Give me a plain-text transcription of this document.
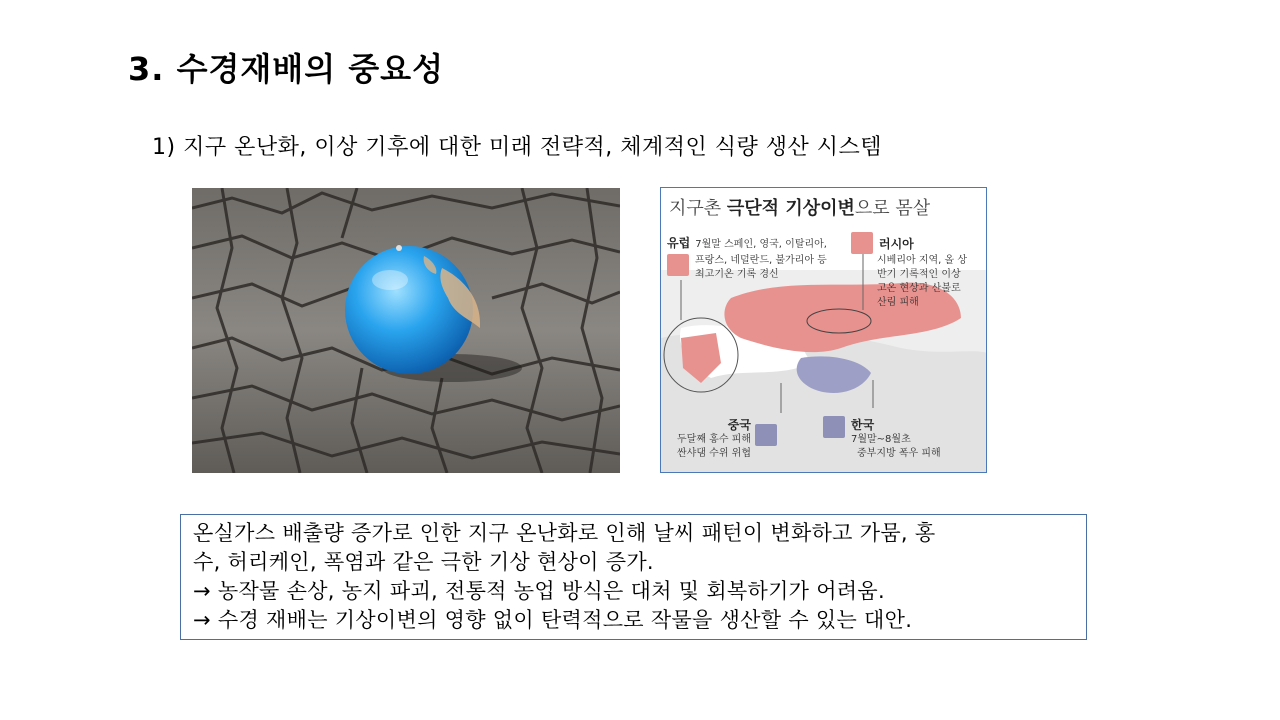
3. 수경재배의 중요성
1) 지구 온난화, 이상 기후에 대한 미래 전략적, 체계적인 식량 생산 시스템
지구촌 극단적 기상이변으로 몸살
유럽 7월말 스페인, 영국, 이탈리아,
프랑스, 네덜란드, 불가리아 등
최고기온 기록 경신
러시아
시베리아 지역, 올 상
반기 기록적인 이상
고온 현상과 산불로
산림 피해
중국
두달째 홍수 피해
싼샤댐 수위 위협
한국
7월말~8월초
중부지방 폭우 피해
온실가스 배출량 증가로 인한 지구 온난화로 인해 날씨 패턴이 변화하고 가뭄, 홍
수, 허리케인, 폭염과 같은 극한 기상 현상이 증가.
→ 농작물 손상, 농지 파괴, 전통적 농업 방식은 대처 및 회복하기가 어려움.
→ 수경 재배는 기상이변의 영향 없이 탄력적으로 작물을 생산할 수 있는 대안.
